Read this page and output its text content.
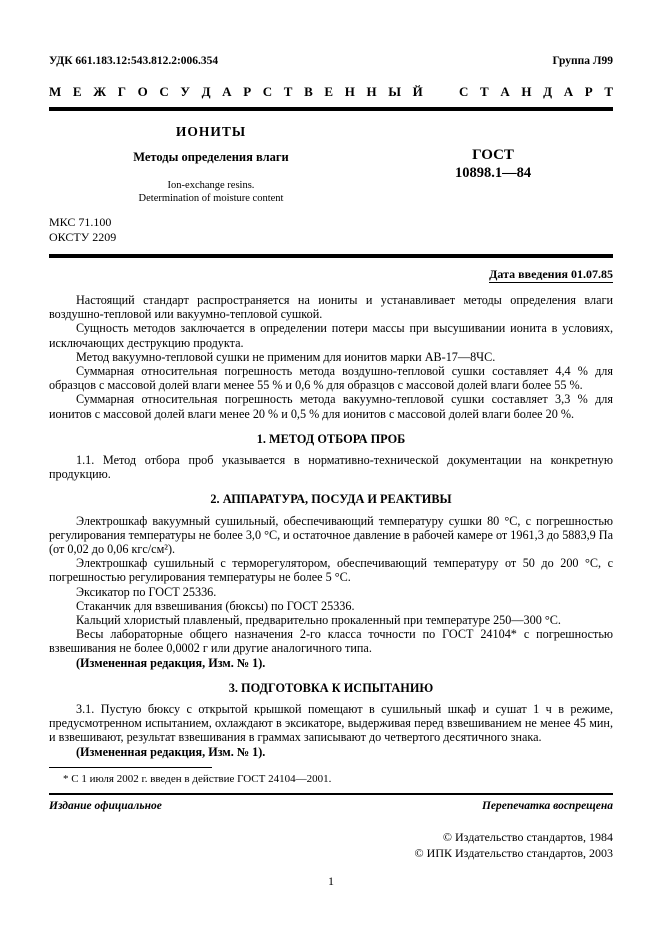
УДК 661.183.12:543.812.2:006.354	Группа Л99
М Е Ж Г О С У Д А Р С Т В Е Н Н Ы Й   С Т А Н Д А Р Т
ИОНИТЫ
Методы определения влаги
Ion-exchange resins.
Determination of moisture content
ГОСТ
10898.1—84
МКС 71.100
ОКСТУ 2209
Дата введения 01.07.85
Настоящий стандарт распространяется на иониты и устанавливает методы определения влаги воздушно-тепловой или вакуумно-тепловой сушкой.
Сущность методов заключается в определении потери массы при высушивании ионита в условиях, исключающих деструкцию продукта.
Метод вакуумно-тепловой сушки не применим для ионитов марки АВ-17—8ЧС.
Суммарная относительная погрешность метода воздушно-тепловой сушки составляет 4,4 % для образцов с массовой долей влаги менее 55 % и 0,6 % для образцов с массовой долей влаги более 55 %.
Суммарная относительная погрешность метода вакуумно-тепловой сушки составляет 3,3 % для ионитов с массовой долей влаги менее 20 % и 0,5 % для ионитов с массовой долей влаги более 20 %.
1. МЕТОД ОТБОРА ПРОБ
1.1. Метод отбора проб указывается в нормативно-технической документации на конкретную продукцию.
2. АППАРАТУРА, ПОСУДА И РЕАКТИВЫ
Электрошкаф вакуумный сушильный, обеспечивающий температуру сушки 80 °С, с погрешностью регулирования температуры не более 3,0 °С, и остаточное давление в рабочей камере от 1961,3 до 5883,9 Па (от 0,02 до 0,06 кгс/см²).
Электрошкаф сушильный с терморегулятором, обеспечивающий температуру от 50 до 200 °С, с погрешностью регулирования температуры не более 5 °С.
Эксикатор по ГОСТ 25336.
Стаканчик для взвешивания (бюксы) по ГОСТ 25336.
Кальций хлористый плавленый, предварительно прокаленный при температуре 250—300 °С.
Весы лабораторные общего назначения 2-го класса точности по ГОСТ 24104* с погрешностью взвешивания не более 0,0002 г или другие аналогичного типа.
(Измененная редакция, Изм. № 1).
3. ПОДГОТОВКА К ИСПЫТАНИЮ
3.1. Пустую бюксу с открытой крышкой помещают в сушильный шкаф и сушат 1 ч в режиме, предусмотренном испытанием, охлаждают в эксикаторе, выдерживая перед взвешиванием не менее 45 мин, и взвешивают, результат взвешивания в граммах записывают до четвертого десятичного знака.
(Измененная редакция, Изм. № 1).
* С 1 июля 2002 г. введен в действие ГОСТ 24104—2001.
Издание официальное	Перепечатка воспрещена
© Издательство стандартов, 1984
© ИПК Издательство стандартов, 2003
1
